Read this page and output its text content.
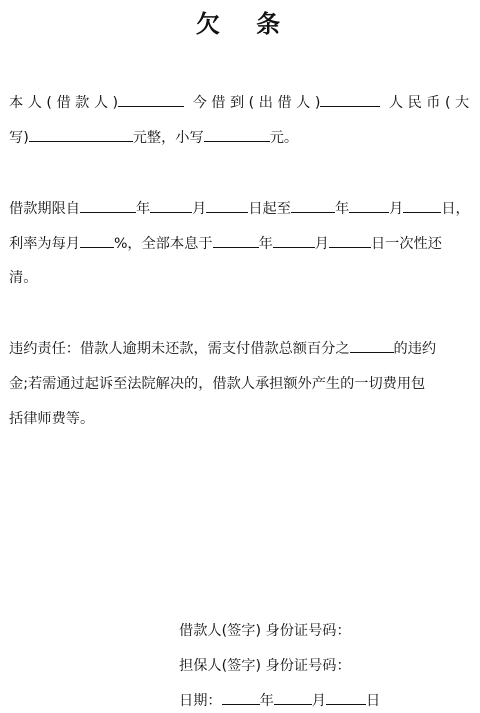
欠 条
本 人 ( 借 款 人 )	今 借 到 ( 出 借 人 )	人 民 币 ( 大
写)	元整，小写	元。
借款期限自	年	月	日起至	年	月	日，
利率为每月 %，全部本息于	年	月	日一次性还
清。
违约责任：借款人逾期未还款，需支付借款总额百分之	的违约
金;若需通过起诉至法院解决的，借款人承担额外产生的一切费用包
括律师费等。
借款人(签字) 身份证号码：
担保人(签字) 身份证号码：
日期：	年	月	日
